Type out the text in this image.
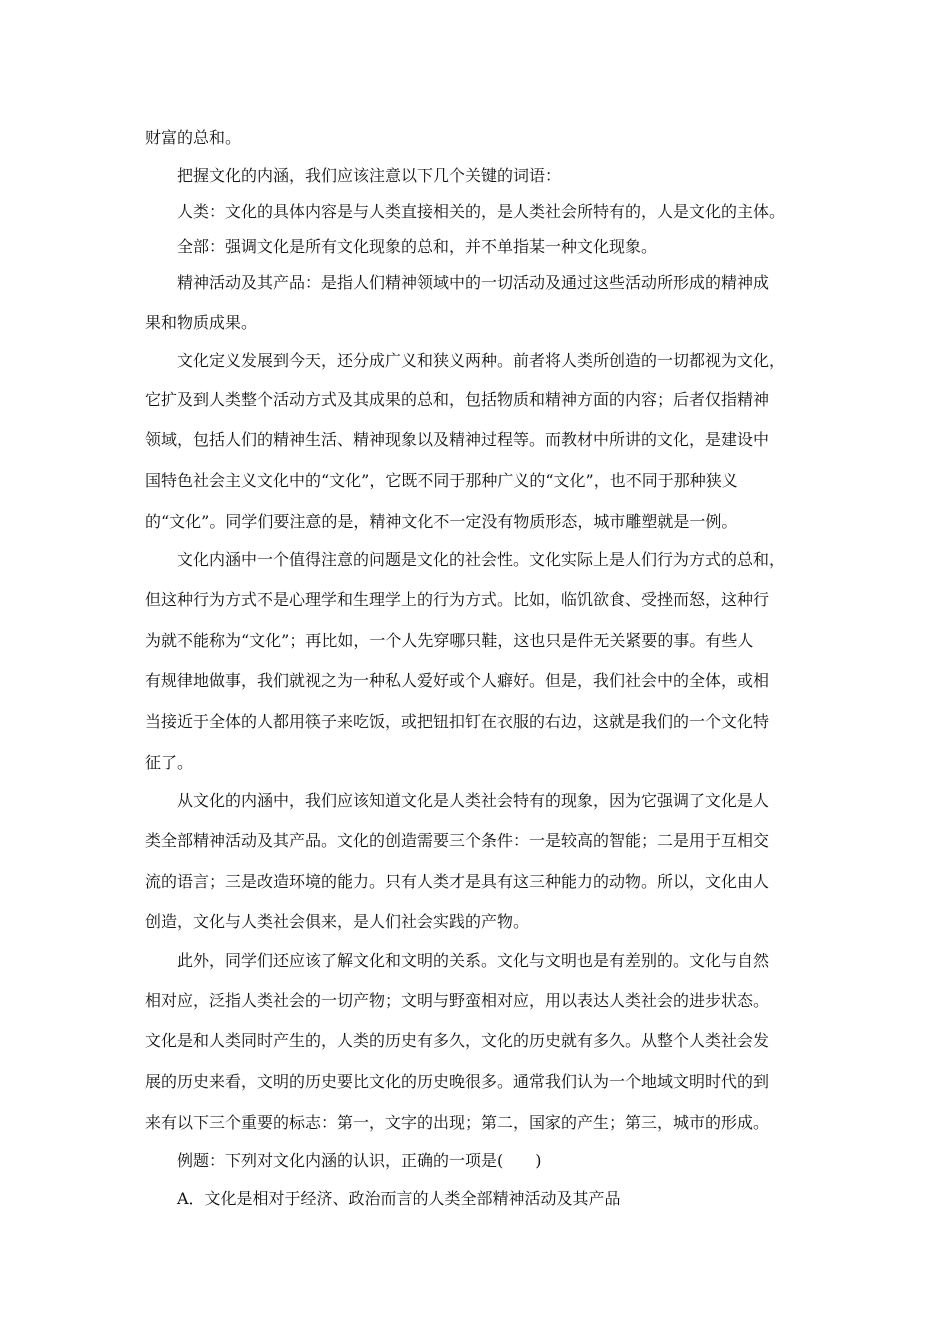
财富的总和。
把握文化的内涵，我们应该注意以下几个关键的词语：
人类：文化的具体内容是与人类直接相关的，是人类社会所特有的，人是文化的主体。
全部：强调文化是所有文化现象的总和，并不单指某一种文化现象。
精神活动及其产品：是指人们精神领域中的一切活动及通过这些活动所形成的精神成
果和物质成果。
文化定义发展到今天，还分成广义和狭义两种。前者将人类所创造的一切都视为文化，
它扩及到人类整个活动方式及其成果的总和，包括物质和精神方面的内容；后者仅指精神
领域，包括人们的精神生活、精神现象以及精神过程等。而教材中所讲的文化，是建设中
国特色社会主义文化中的“文化”，它既不同于那种广义的“文化”，也不同于那种狭义
的“文化”。同学们要注意的是，精神文化不一定没有物质形态，城市雕塑就是一例。
文化内涵中一个值得注意的问题是文化的社会性。文化实际上是人们行为方式的总和，
但这种行为方式不是心理学和生理学上的行为方式。比如，临饥欲食、受挫而怒，这种行
为就不能称为“文化”；再比如，一个人先穿哪只鞋，这也只是件无关紧要的事。有些人
有规律地做事，我们就视之为一种私人爱好或个人癖好。但是，我们社会中的全体，或相
当接近于全体的人都用筷子来吃饭，或把钮扣钉在衣服的右边，这就是我们的一个文化特
征了。
从文化的内涵中，我们应该知道文化是人类社会特有的现象，因为它强调了文化是人
类全部精神活动及其产品。文化的创造需要三个条件：一是较高的智能；二是用于互相交
流的语言；三是改造环境的能力。只有人类才是具有这三种能力的动物。所以，文化由人
创造，文化与人类社会俱来，是人们社会实践的产物。
此外，同学们还应该了解文化和文明的关系。文化与文明也是有差别的。文化与自然
相对应，泛指人类社会的一切产物；文明与野蛮相对应，用以表达人类社会的进步状态。
文化是和人类同时产生的，人类的历史有多久，文化的历史就有多久。从整个人类社会发
展的历史来看，文明的历史要比文化的历史晚很多。通常我们认为一个地域文明时代的到
来有以下三个重要的标志：第一，文字的出现；第二，国家的产生；第三，城市的形成。
例题：下列对文化内涵的认识，正确的一项是(　　)
A．文化是相对于经济、政治而言的人类全部精神活动及其产品
